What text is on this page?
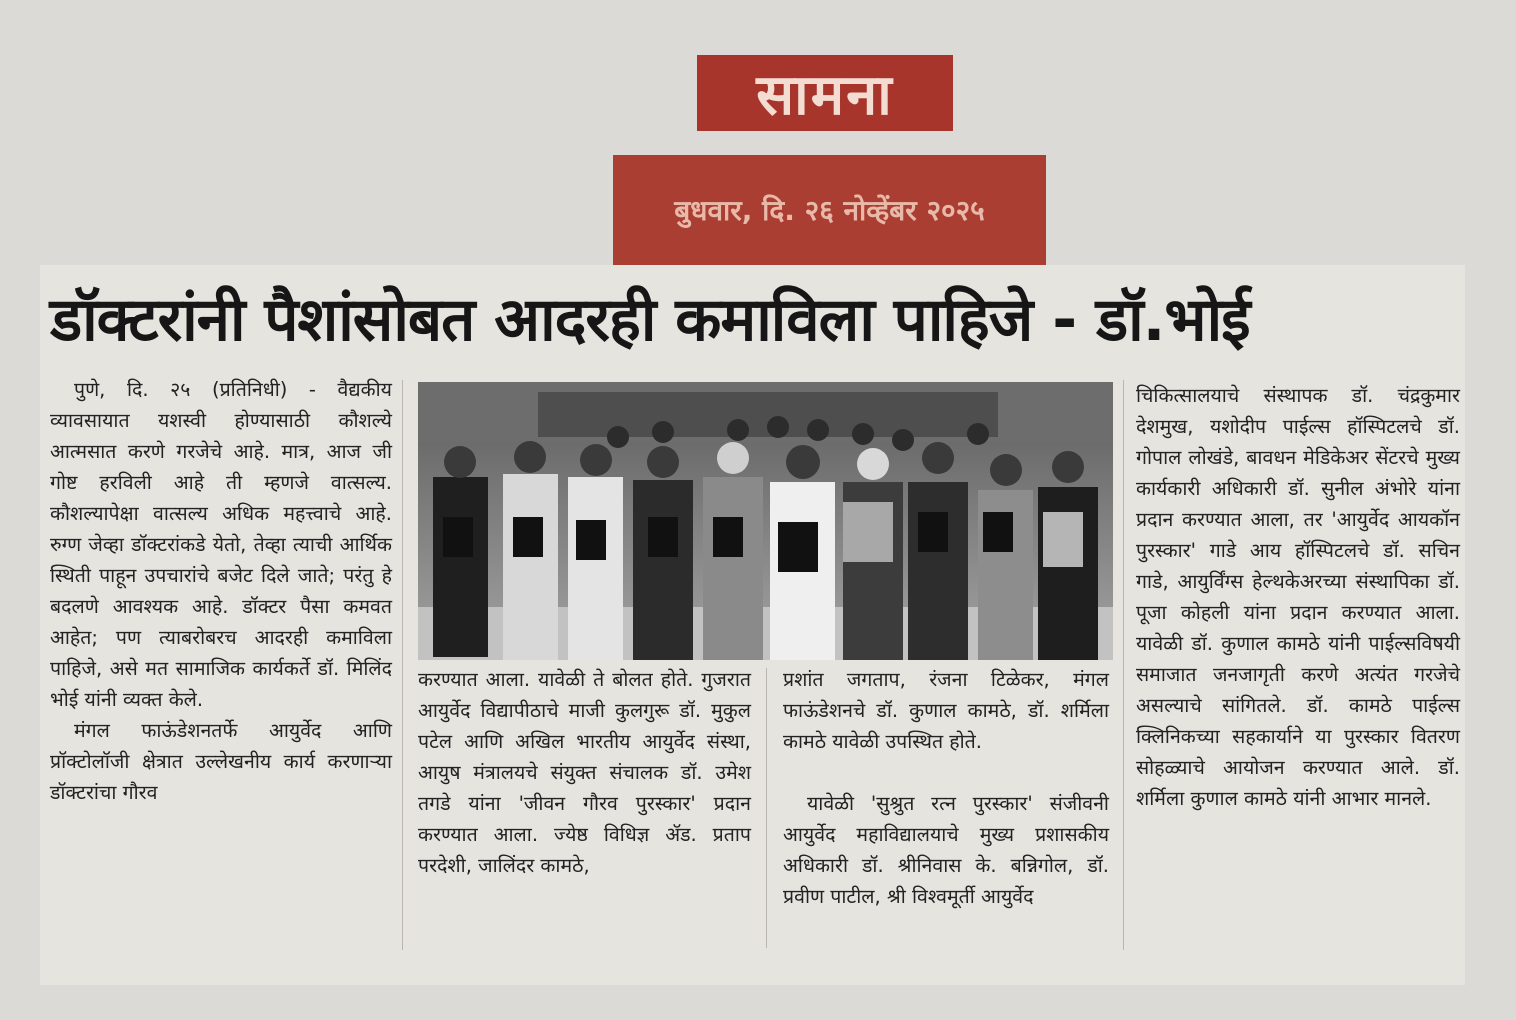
सामना
बुधवार, दि. २६ नोव्हेंबर २०२५
डॉक्टरांनी पैशांसोबत आदरही कमाविला पाहिजे - डॉ.भोई

पुणे, दि. २५ (प्रतिनिधी) - वैद्यकीय व्यावसायात यशस्वी होण्यासाठी कौशल्ये आत्मसात करणे गरजेचे आहे. मात्र, आज जी गोष्ट हरविली आहे ती म्हणजे वात्सल्य. कौशल्यापेक्षा वात्सल्य अधिक महत्त्वाचे आहे. रुग्ण जेव्हा डॉक्टरांकडे येतो, तेव्हा त्याची आर्थिक स्थिती पाहून उपचारांचे बजेट दिले जाते; परंतु हे बदलणे आवश्यक आहे. डॉक्टर पैसा कमवत आहेत; पण त्याबरोबरच आदरही कमाविला पाहिजे, असे मत सामाजिक कार्यकर्ते डॉ. मिलिंद भोई यांनी व्यक्त केले.

मंगल फाऊंडेशनतर्फे आयुर्वेद आणि प्रॉक्टोलॉजी क्षेत्रात उल्लेखनीय कार्य करणाऱ्या डॉक्टरांचा गौरव

करण्यात आला. यावेळी ते बोलत होते. गुजरात आयुर्वेद विद्यापीठाचे माजी कुलगुरू डॉ. मुकुल पटेल आणि अखिल भारतीय आयुर्वेद संस्था, आयुष मंत्रालयचे संयुक्त संचालक डॉ. उमेश तगडे यांना 'जीवन गौरव पुरस्कार' प्रदान करण्यात आला. ज्येष्ठ विधिज्ञ ॲड. प्रताप परदेशी, जालिंदर कामठे,

प्रशांत जगताप, रंजना टिळेकर, मंगल फाऊंडेशनचे डॉ. कुणाल कामठे, डॉ. शर्मिला कामठे यावेळी उपस्थित होते.

यावेळी 'सुश्रुत रत्न पुरस्कार' संजीवनी आयुर्वेद महाविद्यालयाचे मुख्य प्रशासकीय अधिकारी डॉ. श्रीनिवास के. बन्निगोल, डॉ. प्रवीण पाटील, श्री विश्वमूर्ती आयुर्वेद

चिकित्सालयाचे संस्थापक डॉ. चंद्रकुमार देशमुख, यशोदीप पाईल्स हॉस्पिटलचे डॉ. गोपाल लोखंडे, बावधन मेडिकेअर सेंटरचे मुख्य कार्यकारी अधिकारी डॉ. सुनील अंभोरे यांना प्रदान करण्यात आला, तर 'आयुर्वेद आयकॉन पुरस्कार' गाडे आय हॉस्पिटलचे डॉ. सचिन गाडे, आयुर्विंग्स हेल्थकेअरच्या संस्थापिका डॉ. पूजा कोहली यांना प्रदान करण्यात आला. यावेळी डॉ. कुणाल कामठे यांनी पाईल्सविषयी समाजात जनजागृती करणे अत्यंत गरजेचे असल्याचे सांगितले. डॉ. कामठे पाईल्स क्लिनिकच्या सहकार्याने या पुरस्कार वितरण सोहळ्याचे आयोजन करण्यात आले. डॉ. शर्मिला कुणाल कामठे यांनी आभार मानले.
